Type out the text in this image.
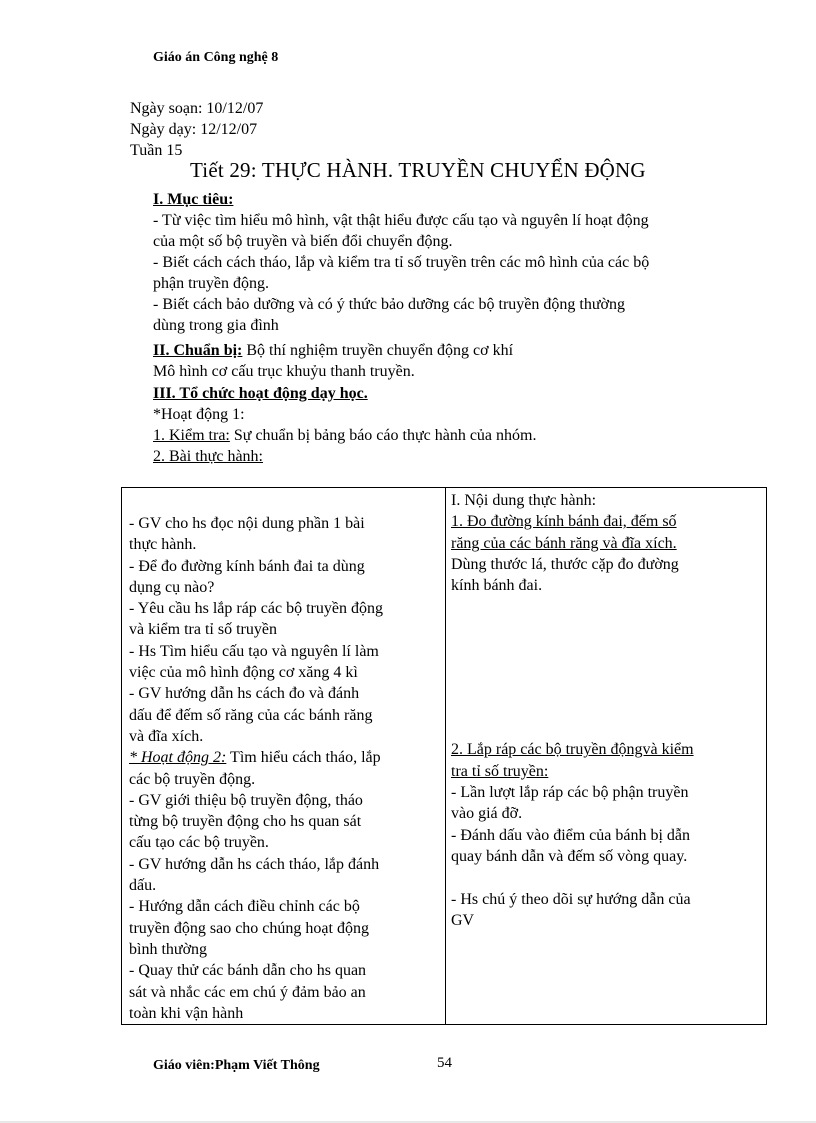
Giáo án Công nghệ 8
Ngày soạn: 10/12/07
Ngày dạy: 12/12/07
Tuần 15
Tiết 29: THỰC HÀNH. TRUYỀN CHUYỂN ĐỘNG
I. Mục tiêu:
- Từ việc tìm hiểu mô hình, vật thật hiểu được cấu tạo và nguyên lí hoạt động
của một số bộ truyền và biến đổi chuyển động.
- Biết cách cách tháo, lắp và kiểm tra tỉ số truyền trên các mô hình của các bộ
phận truyền động.
- Biết cách bảo dưỡng và có ý thức bảo dưỡng các bộ truyền động thường
dùng trong gia đình
II. Chuẩn bị: Bộ thí nghiệm truyền chuyển động cơ khí
Mô hình cơ cấu trục khuỷu thanh truyền.
III. Tổ chức hoạt động dạy học.
*Hoạt động 1:
1. Kiểm tra: Sự chuẩn bị bảng báo cáo thực hành của nhóm.
2. Bài thực hành:
- GV cho hs đọc nội dung phần 1 bài
thực hành.
- Để đo đường kính bánh đai ta dùng
dụng cụ nào?
- Yêu cầu hs lắp ráp các bộ truyền động
và kiểm tra tỉ số truyền
- Hs Tìm hiểu cấu tạo và nguyên lí làm
việc của mô hình động cơ xăng 4 kì
- GV hướng dẫn hs cách đo và đánh
dấu để đếm số răng của các bánh răng
và đĩa xích.
* Hoạt động 2: Tìm hiểu cách tháo, lắp
các bộ truyền động.
- GV giới thiệu bộ truyền động, tháo
từng bộ truyền động cho hs quan sát
cấu tạo các bộ truyền.
- GV hướng dẫn hs cách tháo, lắp đánh
dấu.
- Hướng dẫn cách điều chỉnh các bộ
truyền động sao cho chúng hoạt động
bình thường
- Quay thử các bánh dẫn cho hs quan
sát và nhắc các em chú ý đảm bảo an
toàn khi vận hành
I. Nội dung thực hành:
1. Đo đường kính bánh đai, đếm số
răng của các bánh răng và đĩa xích.
Dùng thước lá, thước cặp đo đường
kính bánh đai.
2. Lắp ráp các bộ truyền độngvà kiểm
tra tỉ số truyền:
- Lần lượt lắp ráp các bộ phận truyền
vào giá đỡ.
- Đánh dấu vào điểm của bánh bị dẫn
quay bánh dẫn và đếm số vòng quay.
- Hs chú ý theo dõi sự hướng dẫn của
GV
Giáo viên:Phạm Viết Thông	54
